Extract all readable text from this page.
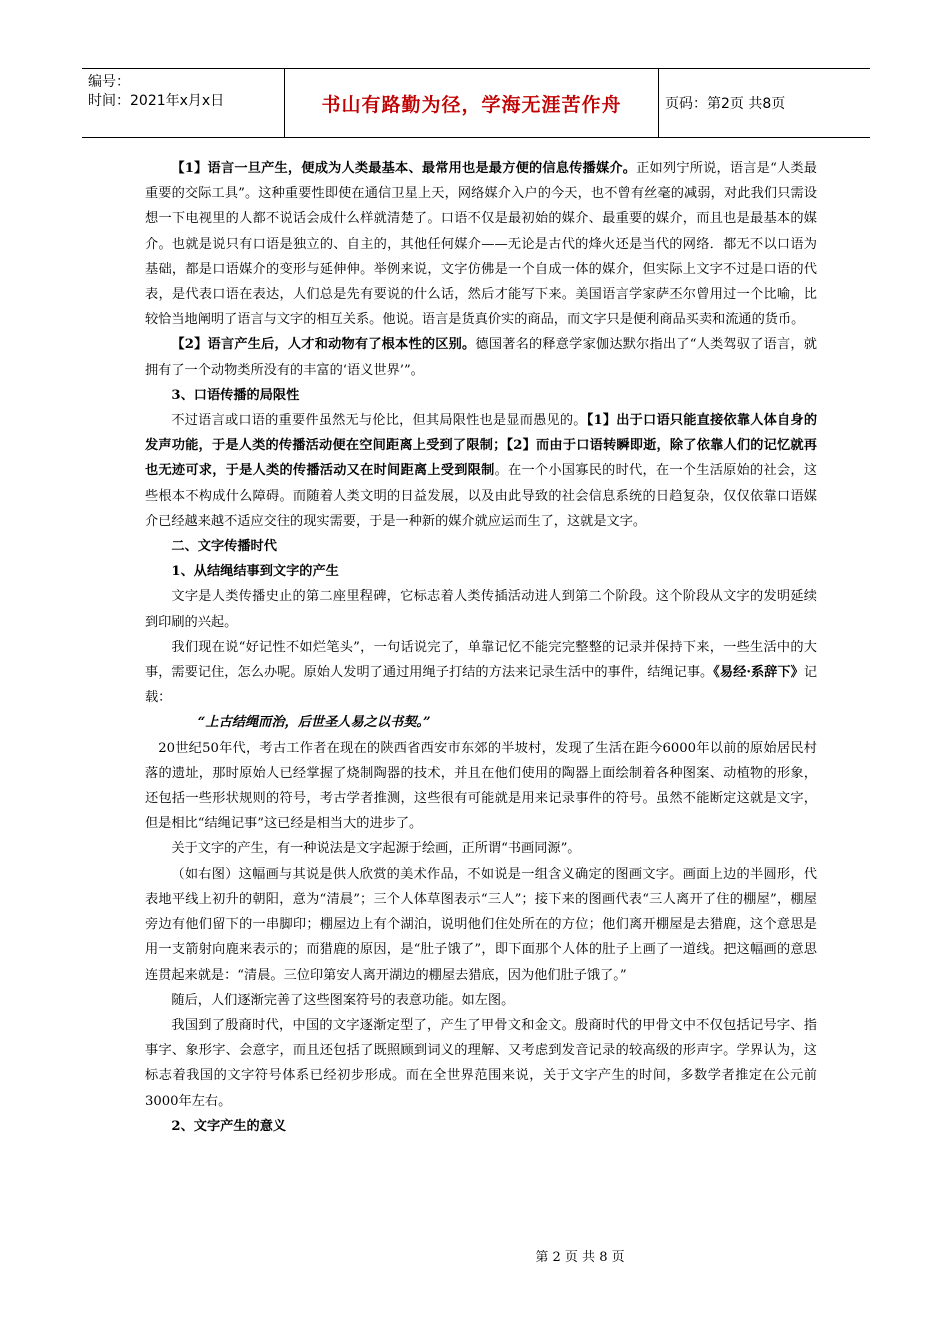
编号：
时间：2021年x月x日	书山有路勤为径，学海无涯苦作舟	页码：第2页 共8页

【1】语言一旦产生，便成为人类最基本、最常用也是最方便的信息传播媒介。正如列宁所说，语言是“人类最重要的交际工具”。这种重要性即使在通信卫星上天，网络媒介入户的今天，也不曾有丝毫的减弱，对此我们只需设想一下电视里的人都不说话会成什么样就清楚了。口语不仅是最初始的媒介、最重要的媒介，而且也是最基本的媒介。也就是说只有口语是独立的、自主的，其他任何媒介——无论是古代的烽火还是当代的网络．都无不以口语为基础，都是口语媒介的变形与延伸伸。举例来说，文字仿佛是一个自成一体的媒介，但实际上文字不过是口语的代表，是代表口语在表达，人们总是先有要说的什么话，然后才能写下来。美国语言学家萨丕尔曾用过一个比喻，比较恰当地阐明了语言与文字的相互关系。他说。语言是货真价实的商品，而文字只是便利商品买卖和流通的货币。

【2】语言产生后，人才和动物有了根本性的区别。德国著名的释意学家伽达默尔指出了“人类驾驭了语言，就拥有了一个动物类所没有的丰富的‘语义世界’”。

3、口语传播的局限性

不过语言或口语的重要件虽然无与伦比，但其局限性也是显而愚见的。【1】出于口语只能直接依靠人体自身的发声功能，于是人类的传播活动便在空间距离上受到了限制；【2】而由于口语转瞬即逝，除了依靠人们的记忆就再也无迹可求，于是人类的传播活动又在时间距离上受到限制。在一个小国寡民的时代，在一个生活原始的社会，这些根本不构成什么障碍。而随着人类文明的日益发展，以及由此导致的社会信息系统的日趋复杂，仅仅依靠口语媒介已经越来越不适应交往的现实需要，于是一种新的媒介就应运而生了，这就是文字。

二、文字传播时代

1、从结绳结事到文字的产生

文字是人类传播史止的第二座里程碑，它标志着人类传插活动进人到第二个阶段。这个阶段从文字的发明延续到印刷的兴起。

我们现在说“好记性不如烂笔头”，一句话说完了，单靠记忆不能完完整整的记录并保持下来，一些生活中的大事，需要记住，怎么办呢。原始人发明了通过用绳子打结的方法来记录生活中的事件，结绳记事。《易经·系辞下》记载：

“上古结绳而治，后世圣人易之以书契。”

20世纪50年代，考古工作者在现在的陕西省西安市东郊的半坡村，发现了生活在距今6000年以前的原始居民村落的遗址，那时原始人已经掌握了烧制陶器的技术，并且在他们使用的陶器上面绘制着各种图案、动植物的形象，还包括一些形状规则的符号，考古学者推测，这些很有可能就是用来记录事件的符号。虽然不能断定这就是文字，但是相比“结绳记事”这已经是相当大的进步了。

关于文字的产生，有一种说法是文字起源于绘画，正所谓“书画同源”。

（如右图）这幅画与其说是供人欣赏的美术作品，不如说是一组含义确定的图画文字。画面上边的半圆形，代表地平线上初升的朝阳，意为“清晨”；三个人体草图表示“三人”；接下来的图画代表“三人离开了住的棚屋”，棚屋旁边有他们留下的一串脚印；棚屋边上有个湖泊，说明他们住处所在的方位；他们离开棚屋是去猎鹿，这个意思是用一支箭射向鹿来表示的；而猎鹿的原因，是“肚子饿了”，即下面那个人体的肚子上画了一道线。把这幅画的意思连贯起来就是：“清晨。三位印第安人离开湖边的棚屋去猎底，因为他们肚子饿了。”

随后，人们逐渐完善了这些图案符号的表意功能。如左图。

我国到了殷商时代，中国的文字逐渐定型了，产生了甲骨文和金文。殷商时代的甲骨文中不仅包括记号字、指事字、象形字、会意字，而且还包括了既照顾到词义的理解、又考虑到发音记录的较高级的形声字。学界认为，这标志着我国的文字符号体系已经初步形成。而在全世界范围来说，关于文字产生的时间，多数学者推定在公元前3000年左右。

2、文字产生的意义

第 2 页 共 8 页
